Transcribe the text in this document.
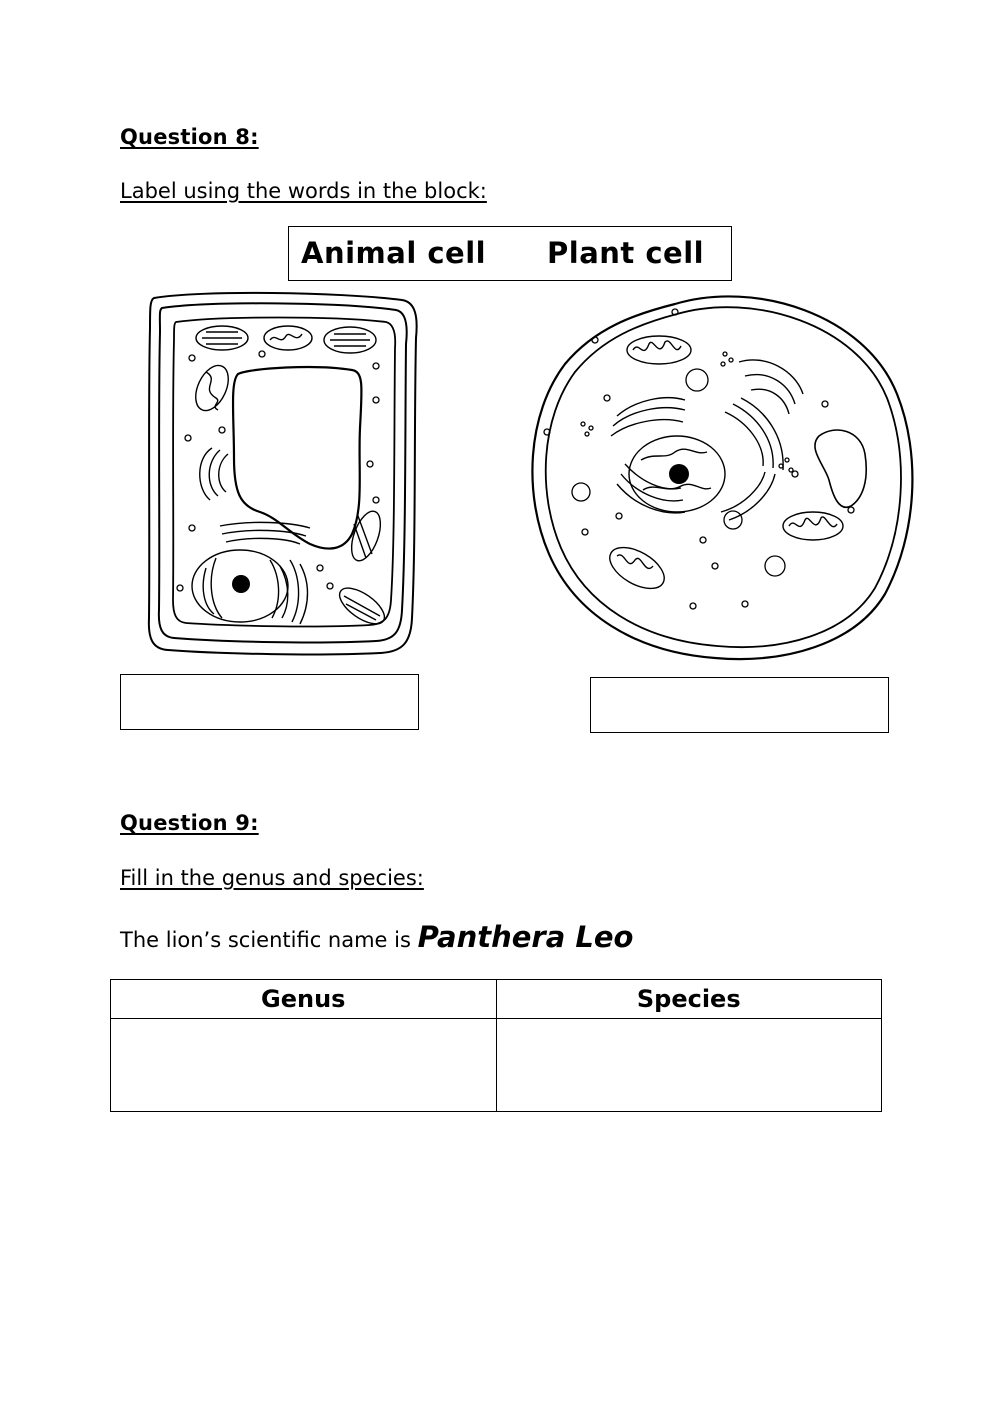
Question 8:
Label using the words in the block:
Animal cell Plant cell
Question 9:
Fill in the genus and species:
The lion’s scientific name is Panthera Leo
Genus	Species
